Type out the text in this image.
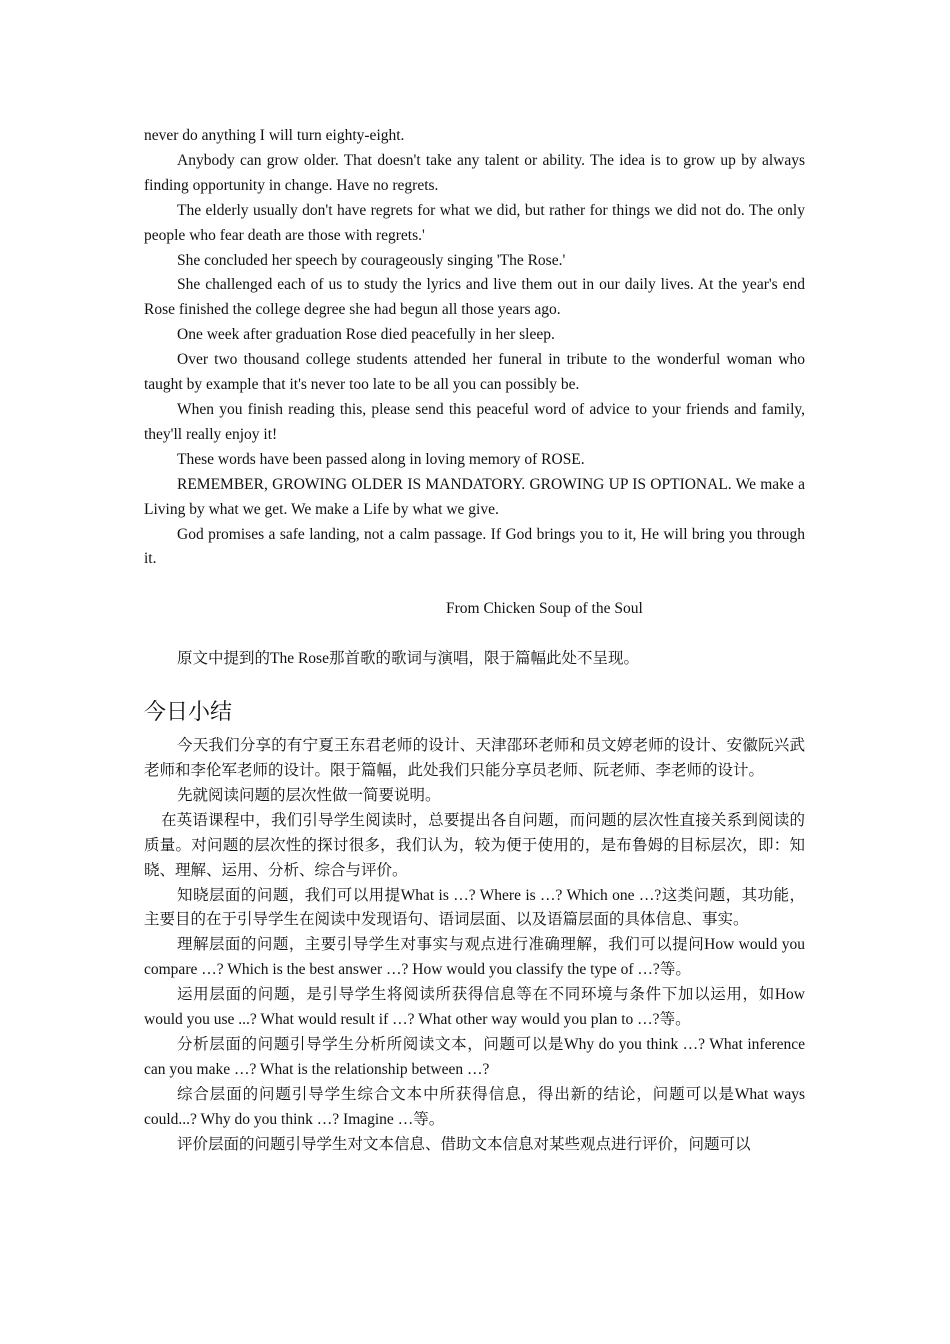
never do anything I will turn eighty-eight.

Anybody can grow older. That doesn't take any talent or ability. The idea is to grow up by always finding opportunity in change. Have no regrets.

The elderly usually don't have regrets for what we did, but rather for things we did not do. The only people who fear death are those with regrets.'

She concluded her speech by courageously singing 'The Rose.'

She challenged each of us to study the lyrics and live them out in our daily lives. At the year's end Rose finished the college degree she had begun all those years ago.

One week after graduation Rose died peacefully in her sleep.

Over two thousand college students attended her funeral in tribute to the wonderful woman who taught by example that it's never too late to be all you can possibly be.

When you finish reading this, please send this peaceful word of advice to your friends and family, they'll really enjoy it!

These words have been passed along in loving memory of ROSE.

REMEMBER, GROWING OLDER IS MANDATORY. GROWING UP IS OPTIONAL. We make a Living by what we get. We make a Life by what we give.

God promises a safe landing, not a calm passage. If God brings you to it, He will bring you through it.

From Chicken Soup of the Soul

原文中提到的The Rose那首歌的歌词与演唱，限于篇幅此处不呈现。

今日小结

今天我们分享的有宁夏王东君老师的设计、天津邵环老师和员文婷老师的设计、安徽阮兴武老师和李伦军老师的设计。限于篇幅，此处我们只能分享员老师、阮老师、李老师的设计。

先就阅读问题的层次性做一简要说明。

在英语课程中，我们引导学生阅读时，总要提出各自问题，而问题的层次性直接关系到阅读的质量。对问题的层次性的探讨很多，我们认为，较为便于使用的，是布鲁姆的目标层次，即：知晓、理解、运用、分析、综合与评价。

知晓层面的问题，我们可以用提What is …? Where is …? Which one …?这类问题，其功能，主要目的在于引导学生在阅读中发现语句、语词层面、以及语篇层面的具体信息、事实。

理解层面的问题，主要引导学生对事实与观点进行准确理解，我们可以提问How would you compare …? Which is the best answer …? How would you classify the type of …?等。

运用层面的问题，是引导学生将阅读所获得信息等在不同环境与条件下加以运用，如How would you use ...? What would result if …? What other way would you plan to …?等。

分析层面的问题引导学生分析所阅读文本，问题可以是Why do you think …? What inference can you make …? What is the relationship between …?

综合层面的问题引导学生综合文本中所获得信息，得出新的结论，问题可以是What ways could...? Why do you think …? Imagine …等。

评价层面的问题引导学生对文本信息、借助文本信息对某些观点进行评价，问题可以
